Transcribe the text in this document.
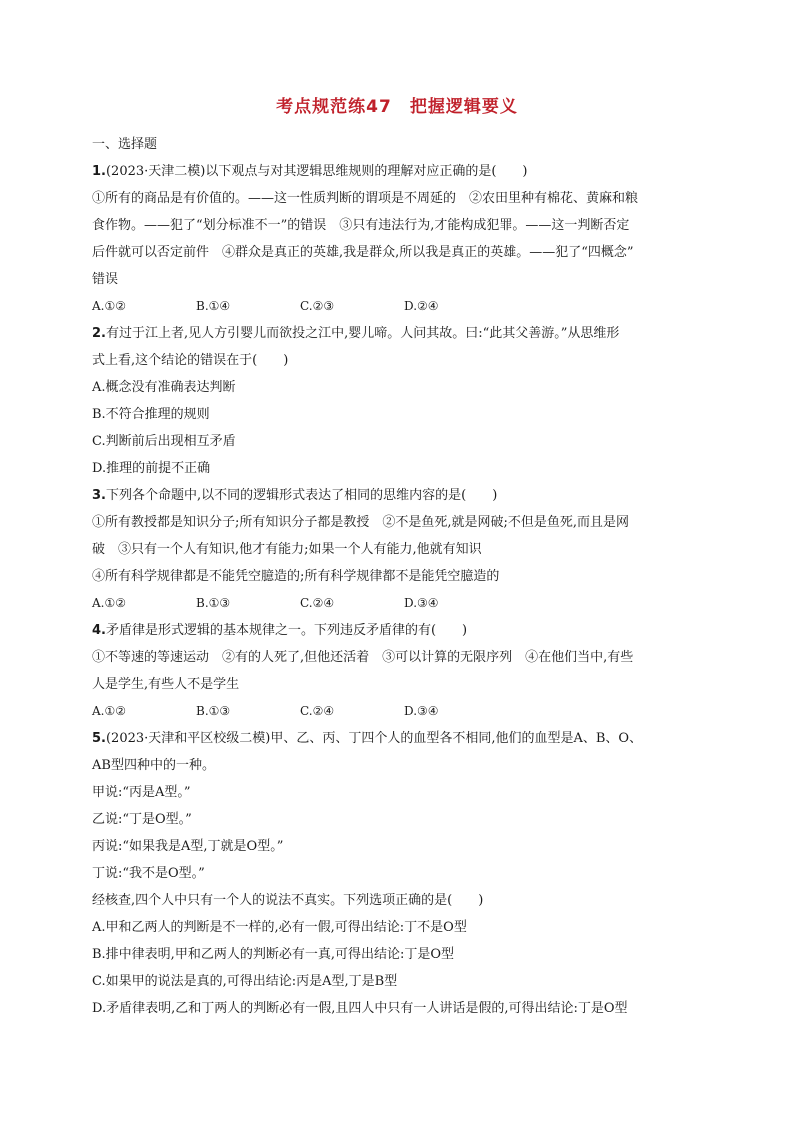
考点规范练47　把握逻辑要义
一、选择题
1.(2023·天津二模)以下观点与对其逻辑思维规则的理解对应正确的是(　　)
①所有的商品是有价值的。——这一性质判断的谓项是不周延的　②农田里种有棉花、黄麻和粮
食作物。——犯了“划分标准不一”的错误　③只有违法行为,才能构成犯罪。——这一判断否定
后件就可以否定前件　④群众是真正的英雄,我是群众,所以我是真正的英雄。——犯了“四概念”
错误
A.①②	B.①④	C.②③	D.②④
2.有过于江上者,见人方引婴儿而欲投之江中,婴儿啼。人问其故。曰:“此其父善游。”从思维形
式上看,这个结论的错误在于(　　)
A.概念没有准确表达判断
B.不符合推理的规则
C.判断前后出现相互矛盾
D.推理的前提不正确
3.下列各个命题中,以不同的逻辑形式表达了相同的思维内容的是(　　)
①所有教授都是知识分子;所有知识分子都是教授　②不是鱼死,就是网破;不但是鱼死,而且是网
破　③只有一个人有知识,他才有能力;如果一个人有能力,他就有知识
④所有科学规律都是不能凭空臆造的;所有科学规律都不是能凭空臆造的
A.①②	B.①③	C.②④	D.③④
4.矛盾律是形式逻辑的基本规律之一。下列违反矛盾律的有(　　)
①不等速的等速运动　②有的人死了,但他还活着　③可以计算的无限序列　④在他们当中,有些
人是学生,有些人不是学生
A.①②	B.①③	C.②④	D.③④
5.(2023·天津和平区校级二模)甲、乙、丙、丁四个人的血型各不相同,他们的血型是A、B、O、
AB型四种中的一种。
甲说:“丙是A型。”
乙说:“丁是O型。”
丙说:“如果我是A型,丁就是O型。”
丁说:“我不是O型。”
经核查,四个人中只有一个人的说法不真实。下列选项正确的是(　　)
A.甲和乙两人的判断是不一样的,必有一假,可得出结论:丁不是O型
B.排中律表明,甲和乙两人的判断必有一真,可得出结论:丁是O型
C.如果甲的说法是真的,可得出结论:丙是A型,丁是B型
D.矛盾律表明,乙和丁两人的判断必有一假,且四人中只有一人讲话是假的,可得出结论:丁是O型
